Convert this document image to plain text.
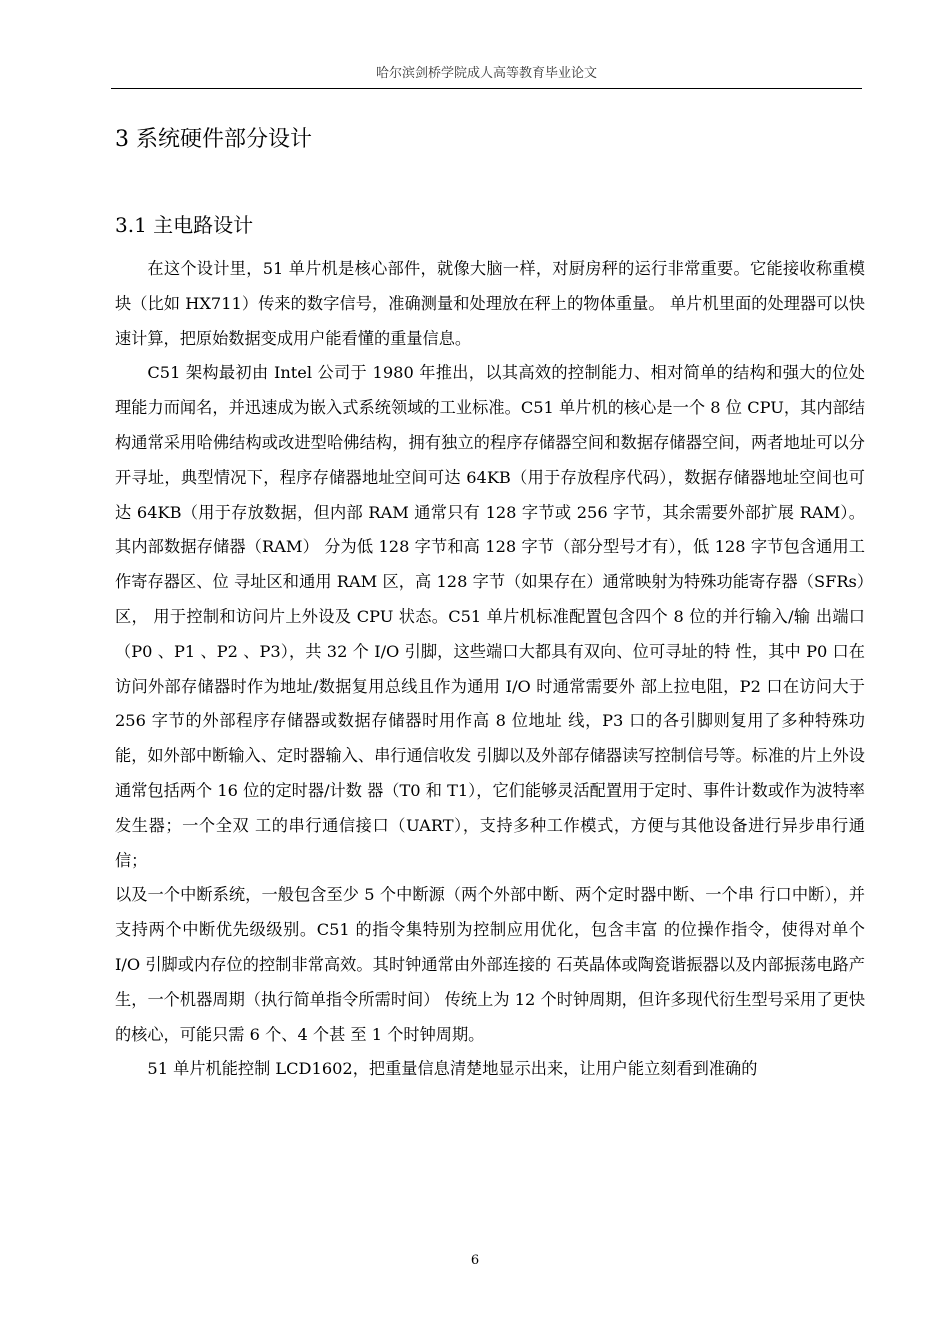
哈尔滨剑桥学院成人高等教育毕业论文
3 系统硬件部分设计
3.1 主电路设计

在这个设计里，51 单片机是核心部件，就像大脑一样，对厨房秤的运行非常重要。它能接收称重模块（比如 HX711）传来的数字信号，准确测量和处理放在秤上的物体重量。 单片机里面的处理器可以快速计算，把原始数据变成用户能看懂的重量信息。

C51 架构最初由 Intel 公司于 1980 年推出，以其高效的控制能力、相对简单的结构和强大的位处理能力而闻名，并迅速成为嵌入式系统领域的工业标准。C51 单片机的核心是一个 8 位 CPU，其内部结构通常采用哈佛结构或改进型哈佛结构，拥有独立的程序存储器空间和数据存储器空间，两者地址可以分开寻址，典型情况下，程序存储器地址空间可达 64KB（用于存放程序代码），数据存储器地址空间也可达 64KB（用于存放数据，但内部 RAM 通常只有 128 字节或 256 字节，其余需要外部扩展 RAM）。其内部数据存储器（RAM） 分为低 128 字节和高 128 字节（部分型号才有），低 128 字节包含通用工作寄存器区、位 寻址区和通用 RAM 区，高 128 字节（如果存在）通常映射为特殊功能寄存器（SFRs）区， 用于控制和访问片上外设及 CPU 状态。C51 单片机标准配置包含四个 8 位的并行输入/输 出端口（P0 、P1 、P2 、P3），共 32 个 I/O 引脚，这些端口大都具有双向、位可寻址的特 性，其中 P0 口在访问外部存储器时作为地址/数据复用总线且作为通用 I/O 时通常需要外 部上拉电阻，P2 口在访问大于 256 字节的外部程序存储器或数据存储器时用作高 8 位地址 线，P3 口的各引脚则复用了多种特殊功能，如外部中断输入、定时器输入、串行通信收发 引脚以及外部存储器读写控制信号等。标准的片上外设通常包括两个 16 位的定时器/计数 器（T0 和 T1），它们能够灵活配置用于定时、事件计数或作为波特率发生器；一个全双 工的串行通信接口（UART），支持多种工作模式，方便与其他设备进行异步串行通信；

以及一个中断系统，一般包含至少 5 个中断源（两个外部中断、两个定时器中断、一个串 行口中断），并支持两个中断优先级级别。C51 的指令集特别为控制应用优化，包含丰富 的位操作指令，使得对单个 I/O 引脚或内存位的控制非常高效。其时钟通常由外部连接的 石英晶体或陶瓷谐振器以及内部振荡电路产生，一个机器周期（执行简单指令所需时间） 传统上为 12 个时钟周期，但许多现代衍生型号采用了更快的核心，可能只需 6 个、4 个甚 至 1 个时钟周期。

51 单片机能控制 LCD1602，把重量信息清楚地显示出来，让用户能立刻看到准确的

6
